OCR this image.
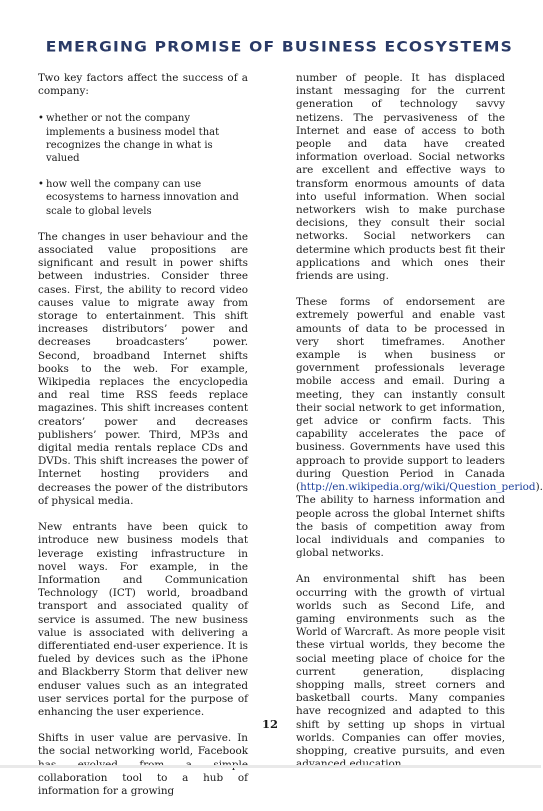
EMERGING PROMISE OF BUSINESS ECOSYSTEMS

Two key factors affect the success of a company:

• whether or not the company implements a business model that recognizes the change in what is valued
• how well the company can use ecosystems to harness innovation and scale to global levels

The changes in user behaviour and the associated value propositions are significant and result in power shifts between industries. Consider three cases. First, the ability to record video causes value to migrate away from storage to entertainment. This shift increases distributors’ power and decreases broadcasters’ power. Second, broadband Internet shifts books to the web. For example, Wikipedia replaces the encyclopedia and real time RSS feeds replace magazines. This shift increases content creators’ power and decreases publishers’ power. Third, MP3s and digital media rentals replace CDs and DVDs. This shift increases the power of Internet hosting providers and decreases the power of the distributors of physical media.

New entrants have been quick to introduce new business models that leverage existing infrastructure in novel ways. For example, in the Information and Communication Technology (ICT) world, broadband transport and associated quality of service is assumed. The new business value is associated with delivering a differentiated end-user experience. It is fueled by devices such as the iPhone and Blackberry Storm that deliver new enduser values such as an integrated user services portal for the purpose of enhancing the user experience.

Shifts in user value are pervasive. In the social networking world, Facebook collaboration tool to a hub of information for a growing

number of people. It has displaced instant messaging for the current generation of technology savvy netizens. The pervasiveness of the Internet and ease of access to both people and data have created information overload. Social networks are excellent and effective ways to transform enormous amounts of data into useful information. When social networkers wish to make purchase decisions, they consult their social networks. Social networkers can determine which products best fit their applications and which ones their friends are using.

These forms of endorsement are extremely powerful and enable vast amounts of data to be processed in very short timeframes. Another example is when business or government professionals leverage mobile access and email. During a meeting, they can instantly consult their social network to get information, get advice or confirm facts. This capability accelerates the pace of business. Governments have used this approach to provide support to leaders during Question Period in Canada (http://en.wikipedia.org/wiki/Question_period). The ability to harness information and people across the global Internet shifts the basis of competition away from local individuals and companies to global networks.

An environmental shift has been occurring with the growth of virtual worlds such as Second Life, and gaming environments such as the World of Warcraft. As more people visit these virtual worlds, they become the social meeting place of choice for the current generation, displacing shopping malls, street corners and basketball courts. Many companies have recognized and adapted to this shift by setting up shops in virtual worlds. Companies can offer movies, shopping, creative pursuits, and even

12
